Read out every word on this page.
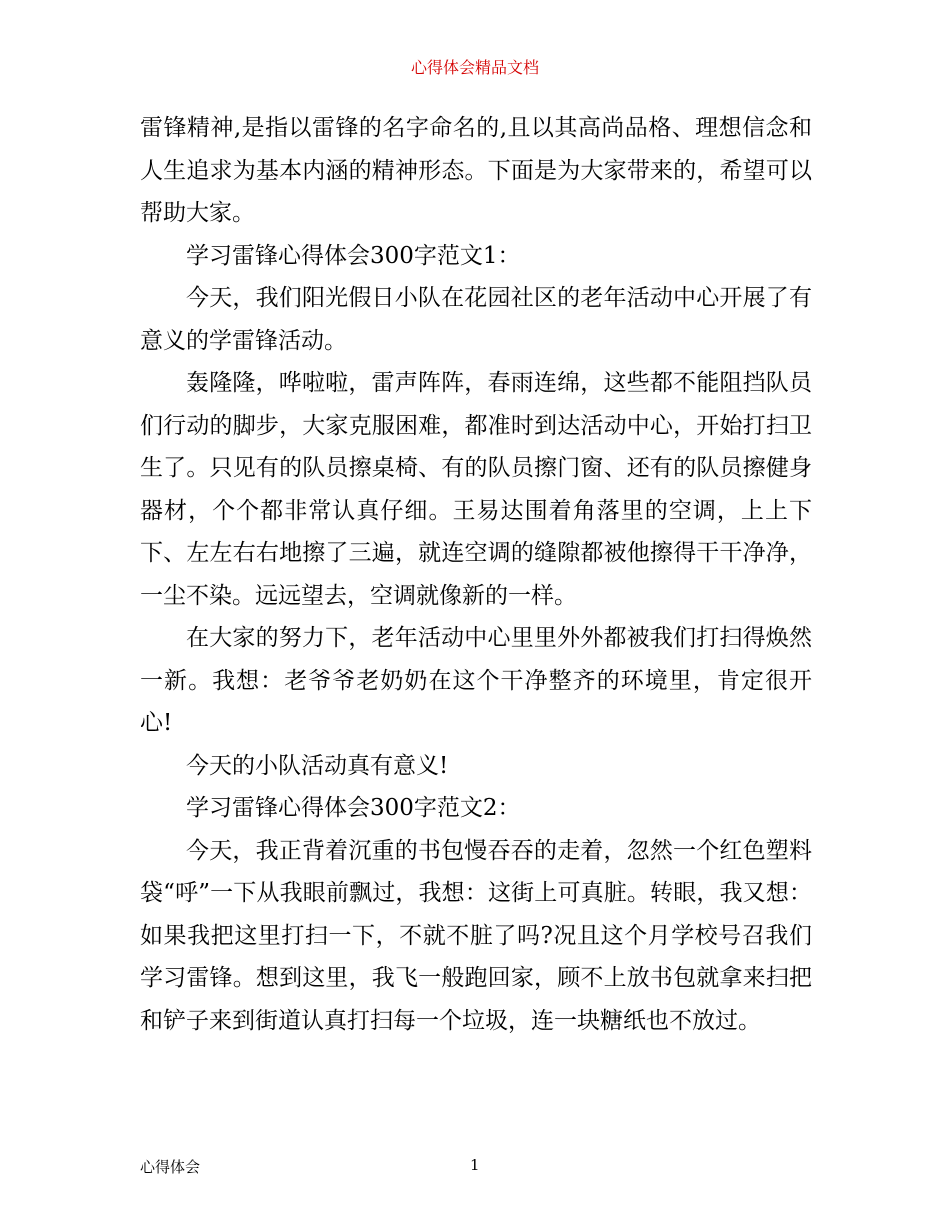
心得体会精品文档

雷锋精神,是指以雷锋的名字命名的,且以其高尚品格、理想信念和人生追求为基本内涵的精神形态。下面是为大家带来的，希望可以帮助大家。

学习雷锋心得体会300字范文1：

今天，我们阳光假日小队在花园社区的老年活动中心开展了有意义的学雷锋活动。

轰隆隆，哗啦啦，雷声阵阵，春雨连绵，这些都不能阻挡队员们行动的脚步，大家克服困难，都准时到达活动中心，开始打扫卫生了。只见有的队员擦桌椅、有的队员擦门窗、还有的队员擦健身器材，个个都非常认真仔细。王易达围着角落里的空调，上上下下、左左右右地擦了三遍，就连空调的缝隙都被他擦得干干净净，一尘不染。远远望去，空调就像新的一样。

在大家的努力下，老年活动中心里里外外都被我们打扫得焕然一新。我想：老爷爷老奶奶在这个干净整齐的环境里，肯定很开心!

今天的小队活动真有意义!

学习雷锋心得体会300字范文2：

今天，我正背着沉重的书包慢吞吞的走着，忽然一个红色塑料袋“呼”一下从我眼前飘过，我想：这街上可真脏。转眼，我又想：如果我把这里打扫一下，不就不脏了吗?况且这个月学校号召我们学习雷锋。想到这里，我飞一般跑回家，顾不上放书包就拿来扫把和铲子来到街道认真打扫每一个垃圾，连一块糖纸也不放过。

心得体会	1
